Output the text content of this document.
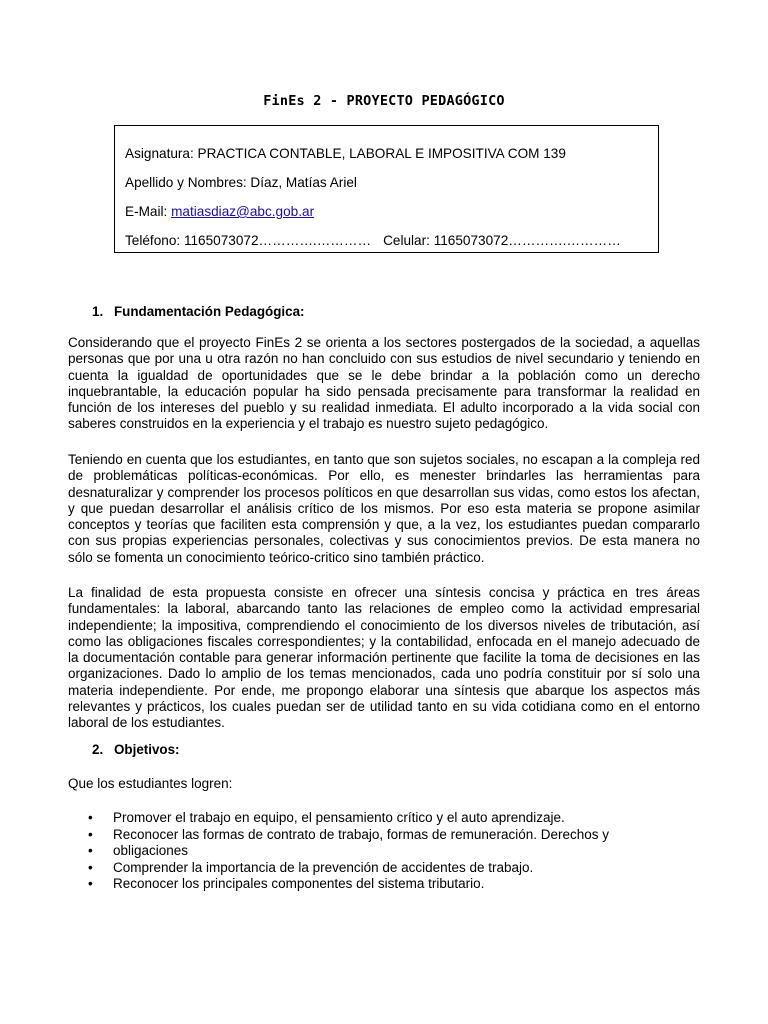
FinEs 2 - PROYECTO PEDAGÓGICO
Asignatura: PRACTICA CONTABLE, LABORAL E IMPOSITIVA COM 139
Apellido y Nombres: Díaz, Matías Ariel
E-Mail: matiasdiaz@abc.gob.ar
Teléfono: 1165073072………….………… Celular: 1165073072………….…………
1. Fundamentación Pedagógica:

Considerando que el proyecto FinEs 2 se orienta a los sectores postergados de la sociedad, a aquellas personas que por una u otra razón no han concluido con sus estudios de nivel secundario y teniendo en cuenta la igualdad de oportunidades que se le debe brindar a la población como un derecho inquebrantable, la educación popular ha sido pensada precisamente para transformar la realidad en función de los intereses del pueblo y su realidad inmediata. El adulto incorporado a la vida social con saberes construidos en la experiencia y el trabajo es nuestro sujeto pedagógico.

Teniendo en cuenta que los estudiantes, en tanto que son sujetos sociales, no escapan a la compleja red de problemáticas políticas-económicas. Por ello, es menester brindarles las herramientas para desnaturalizar y comprender los procesos políticos en que desarrollan sus vidas, como estos los afectan, y que puedan desarrollar el análisis crítico de los mismos. Por eso esta materia se propone asimilar conceptos y teorías que faciliten esta comprensión y que, a la vez, los estudiantes puedan compararlo con sus propias experiencias personales, colectivas y sus conocimientos previos. De esta manera no sólo se fomenta un conocimiento teórico-critico sino también práctico.

La finalidad de esta propuesta consiste en ofrecer una síntesis concisa y práctica en tres áreas fundamentales: la laboral, abarcando tanto las relaciones de empleo como la actividad empresarial independiente; la impositiva, comprendiendo el conocimiento de los diversos niveles de tributación, así como las obligaciones fiscales correspondientes; y la contabilidad, enfocada en el manejo adecuado de la documentación contable para generar información pertinente que facilite la toma de decisiones en las organizaciones. Dado lo amplio de los temas mencionados, cada uno podría constituir por sí solo una materia independiente. Por ende, me propongo elaborar una síntesis que abarque los aspectos más relevantes y prácticos, los cuales puedan ser de utilidad tanto en su vida cotidiana como en el entorno laboral de los estudiantes.

2. Objetivos:

Que los estudiantes logren:

•	Promover el trabajo en equipo, el pensamiento crítico y el auto aprendizaje.
•	Reconocer las formas de contrato de trabajo, formas de remuneración. Derechos y
•	obligaciones
•	Comprender la importancia de la prevención de accidentes de trabajo.
•	Reconocer los principales componentes del sistema tributario.
